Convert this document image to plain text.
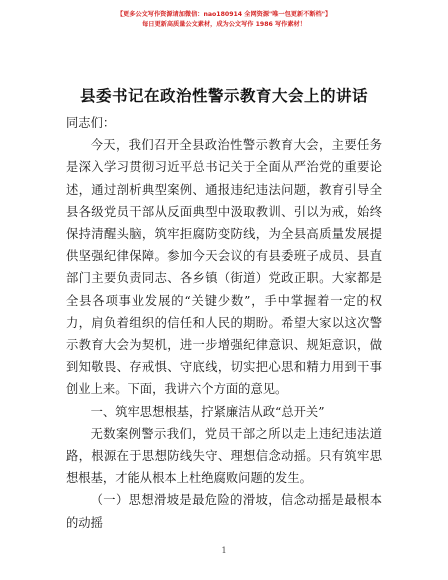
【更多公文写作资源请加微信：nao180914 全网资源"唯一包更新不断档"】
每日更新高质量公文素材，成为公文写作 1986 写作素材！
县委书记在政治性警示教育大会上的讲话

同志们：

今天，我们召开全县政治性警示教育大会，主要任务是深入学习贯彻习近平总书记关于全面从严治党的重要论述，通过剖析典型案例、通报违纪违法问题，教育引导全县各级党员干部从反面典型中汲取教训、引以为戒，始终保持清醒头脑，筑牢拒腐防变防线，为全县高质量发展提供坚强纪律保障。参加今天会议的有县委班子成员、县直部门主要负责同志、各乡镇（街道）党政正职。大家都是全县各项事业发展的“关键少数”，手中掌握着一定的权力，肩负着组织的信任和人民的期盼。希望大家以这次警示教育大会为契机，进一步增强纪律意识、规矩意识，做到知敬畏、存戒惧、守底线，切实把心思和精力用到干事创业上来。下面，我讲六个方面的意见。

一、筑牢思想根基，拧紧廉洁从政“总开关”

无数案例警示我们，党员干部之所以走上违纪违法道路，根源在于思想防线失守、理想信念动摇。只有筑牢思想根基，才能从根本上杜绝腐败问题的发生。

（一）思想滑坡是最危险的滑坡，信念动摇是最根本的动摇

1
